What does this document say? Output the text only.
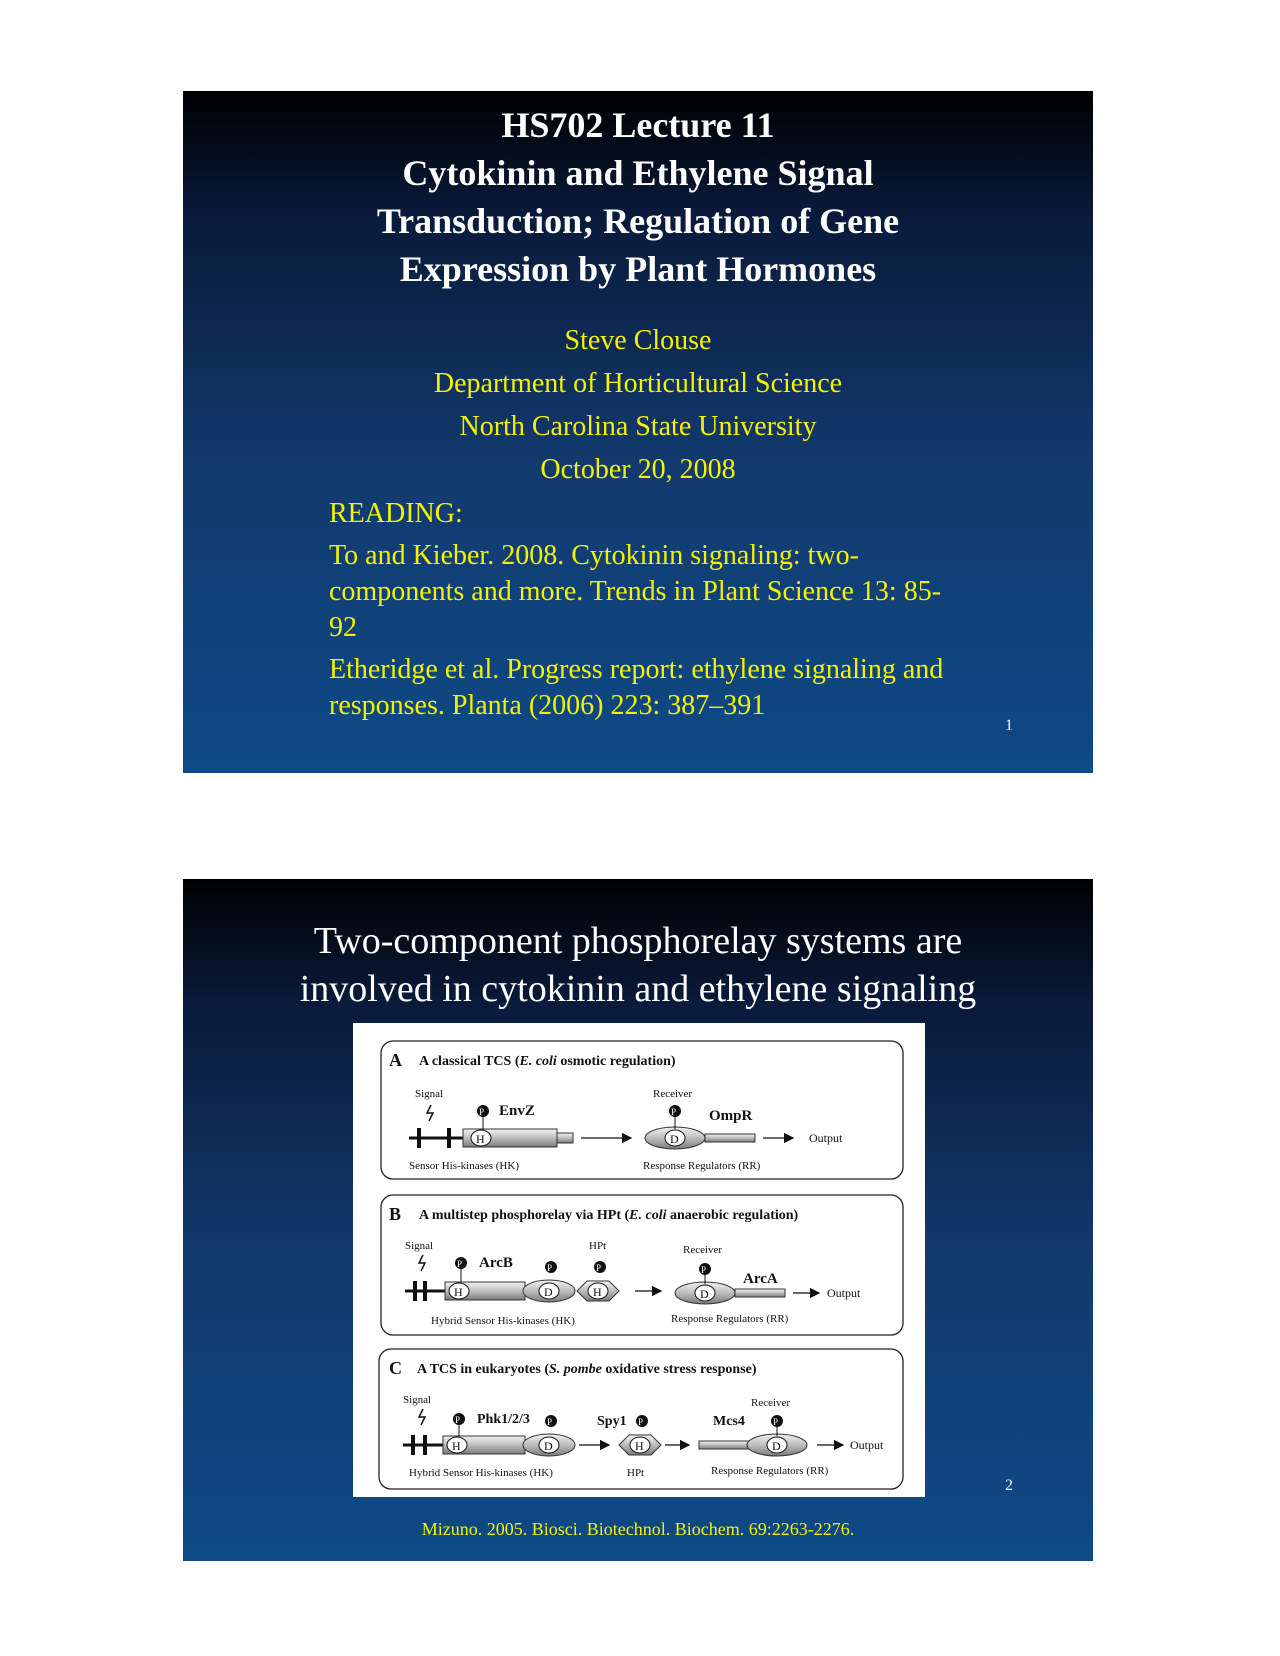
HS702 Lecture 11
Cytokinin and Ethylene Signal
Transduction; Regulation of Gene
Expression by Plant Hormones
Steve Clouse
Department of Horticultural Science
North Carolina State University
October 20, 2008

READING:

To and Kieber. 2008. Cytokinin signaling: two-components and more. Trends in Plant Science 13: 85-92

Etheridge et al. Progress report: ethylene signaling and responses. Planta (2006) 223: 387–391

1
Two-component phosphorelay systems are
involved in cytokinin and ethylene signaling
A A classical TCS (E. coli osmotic regulation)
Signal
H
P EnvZ
Receiver
D
P OmpR
Output
Sensor His-kinases (HK)	Response Regulators (RR)
B A multistep phosphorelay via HPt (E. coli anaerobic regulation)
Signal
H
P ArcB
D
P
H
HPt
P
Receiver
D
P
ArcA
Output
Hybrid Sensor His-kinases (HK)	Response Regulators (RR)
C A TCS in eukaryotes (S. pombe oxidative stress response)
Signal
H
P Phk1/2/3
D
P	Spy1
H
P
Receiver
D
P
Mcs4
Output
Hybrid Sensor His-kinases (HK)	HPt	Response Regulators (RR)
2
Mizuno. 2005. Biosci. Biotechnol. Biochem. 69:2263-2276.
